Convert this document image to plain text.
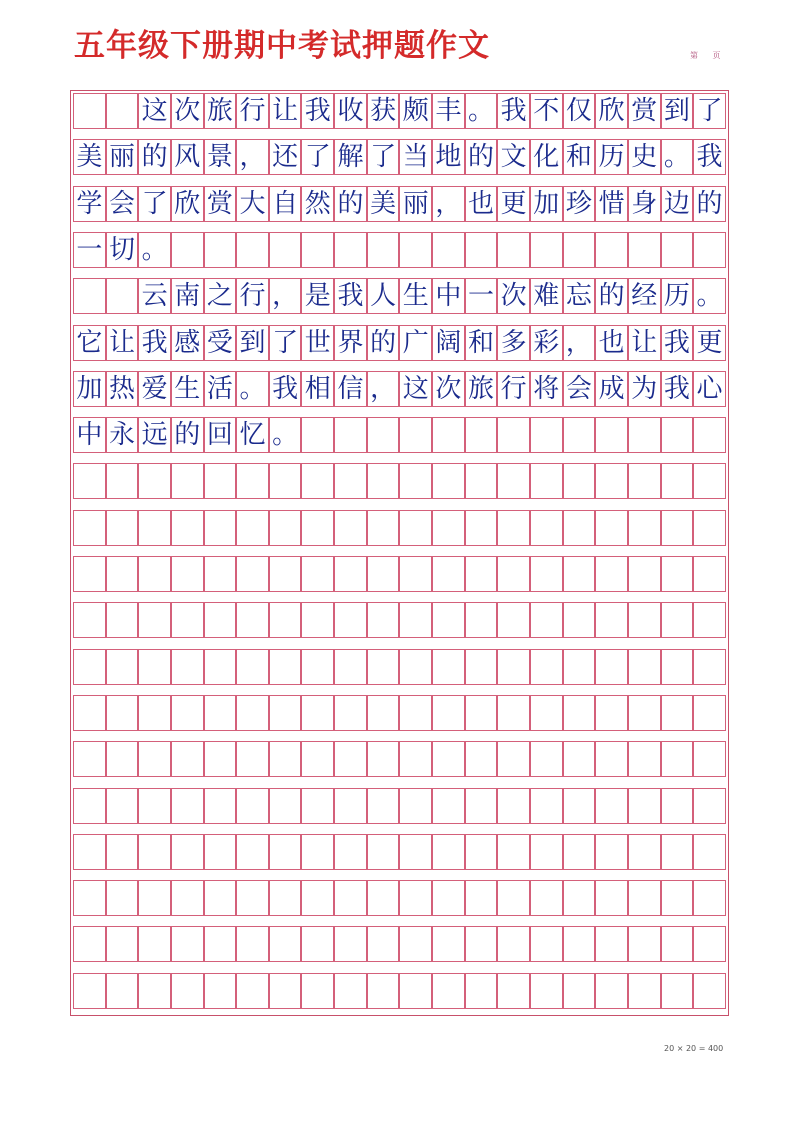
五年级下册期中考试押题作文	第 页
这 次 旅 行 让 我 收 获 颇 丰 。 我 不 仅 欣 赏 到 了
美 丽 的 风 景 ， 还 了 解 了 当 地 的 文 化 和 历 史 。 我
学 会 了 欣 赏 大 自 然 的 美 丽 ， 也 更 加 珍 惜 身 边 的
一 切 。
云 南 之 行 ， 是 我 人 生 中 一 次 难 忘 的 经 历 。
它 让 我 感 受 到 了 世 界 的 广 阔 和 多 彩 ， 也 让 我 更
加 热 爱 生 活 。 我 相 信 ， 这 次 旅 行 将 会 成 为 我 心
中 永 远 的 回 忆 。
20 × 20 = 400
